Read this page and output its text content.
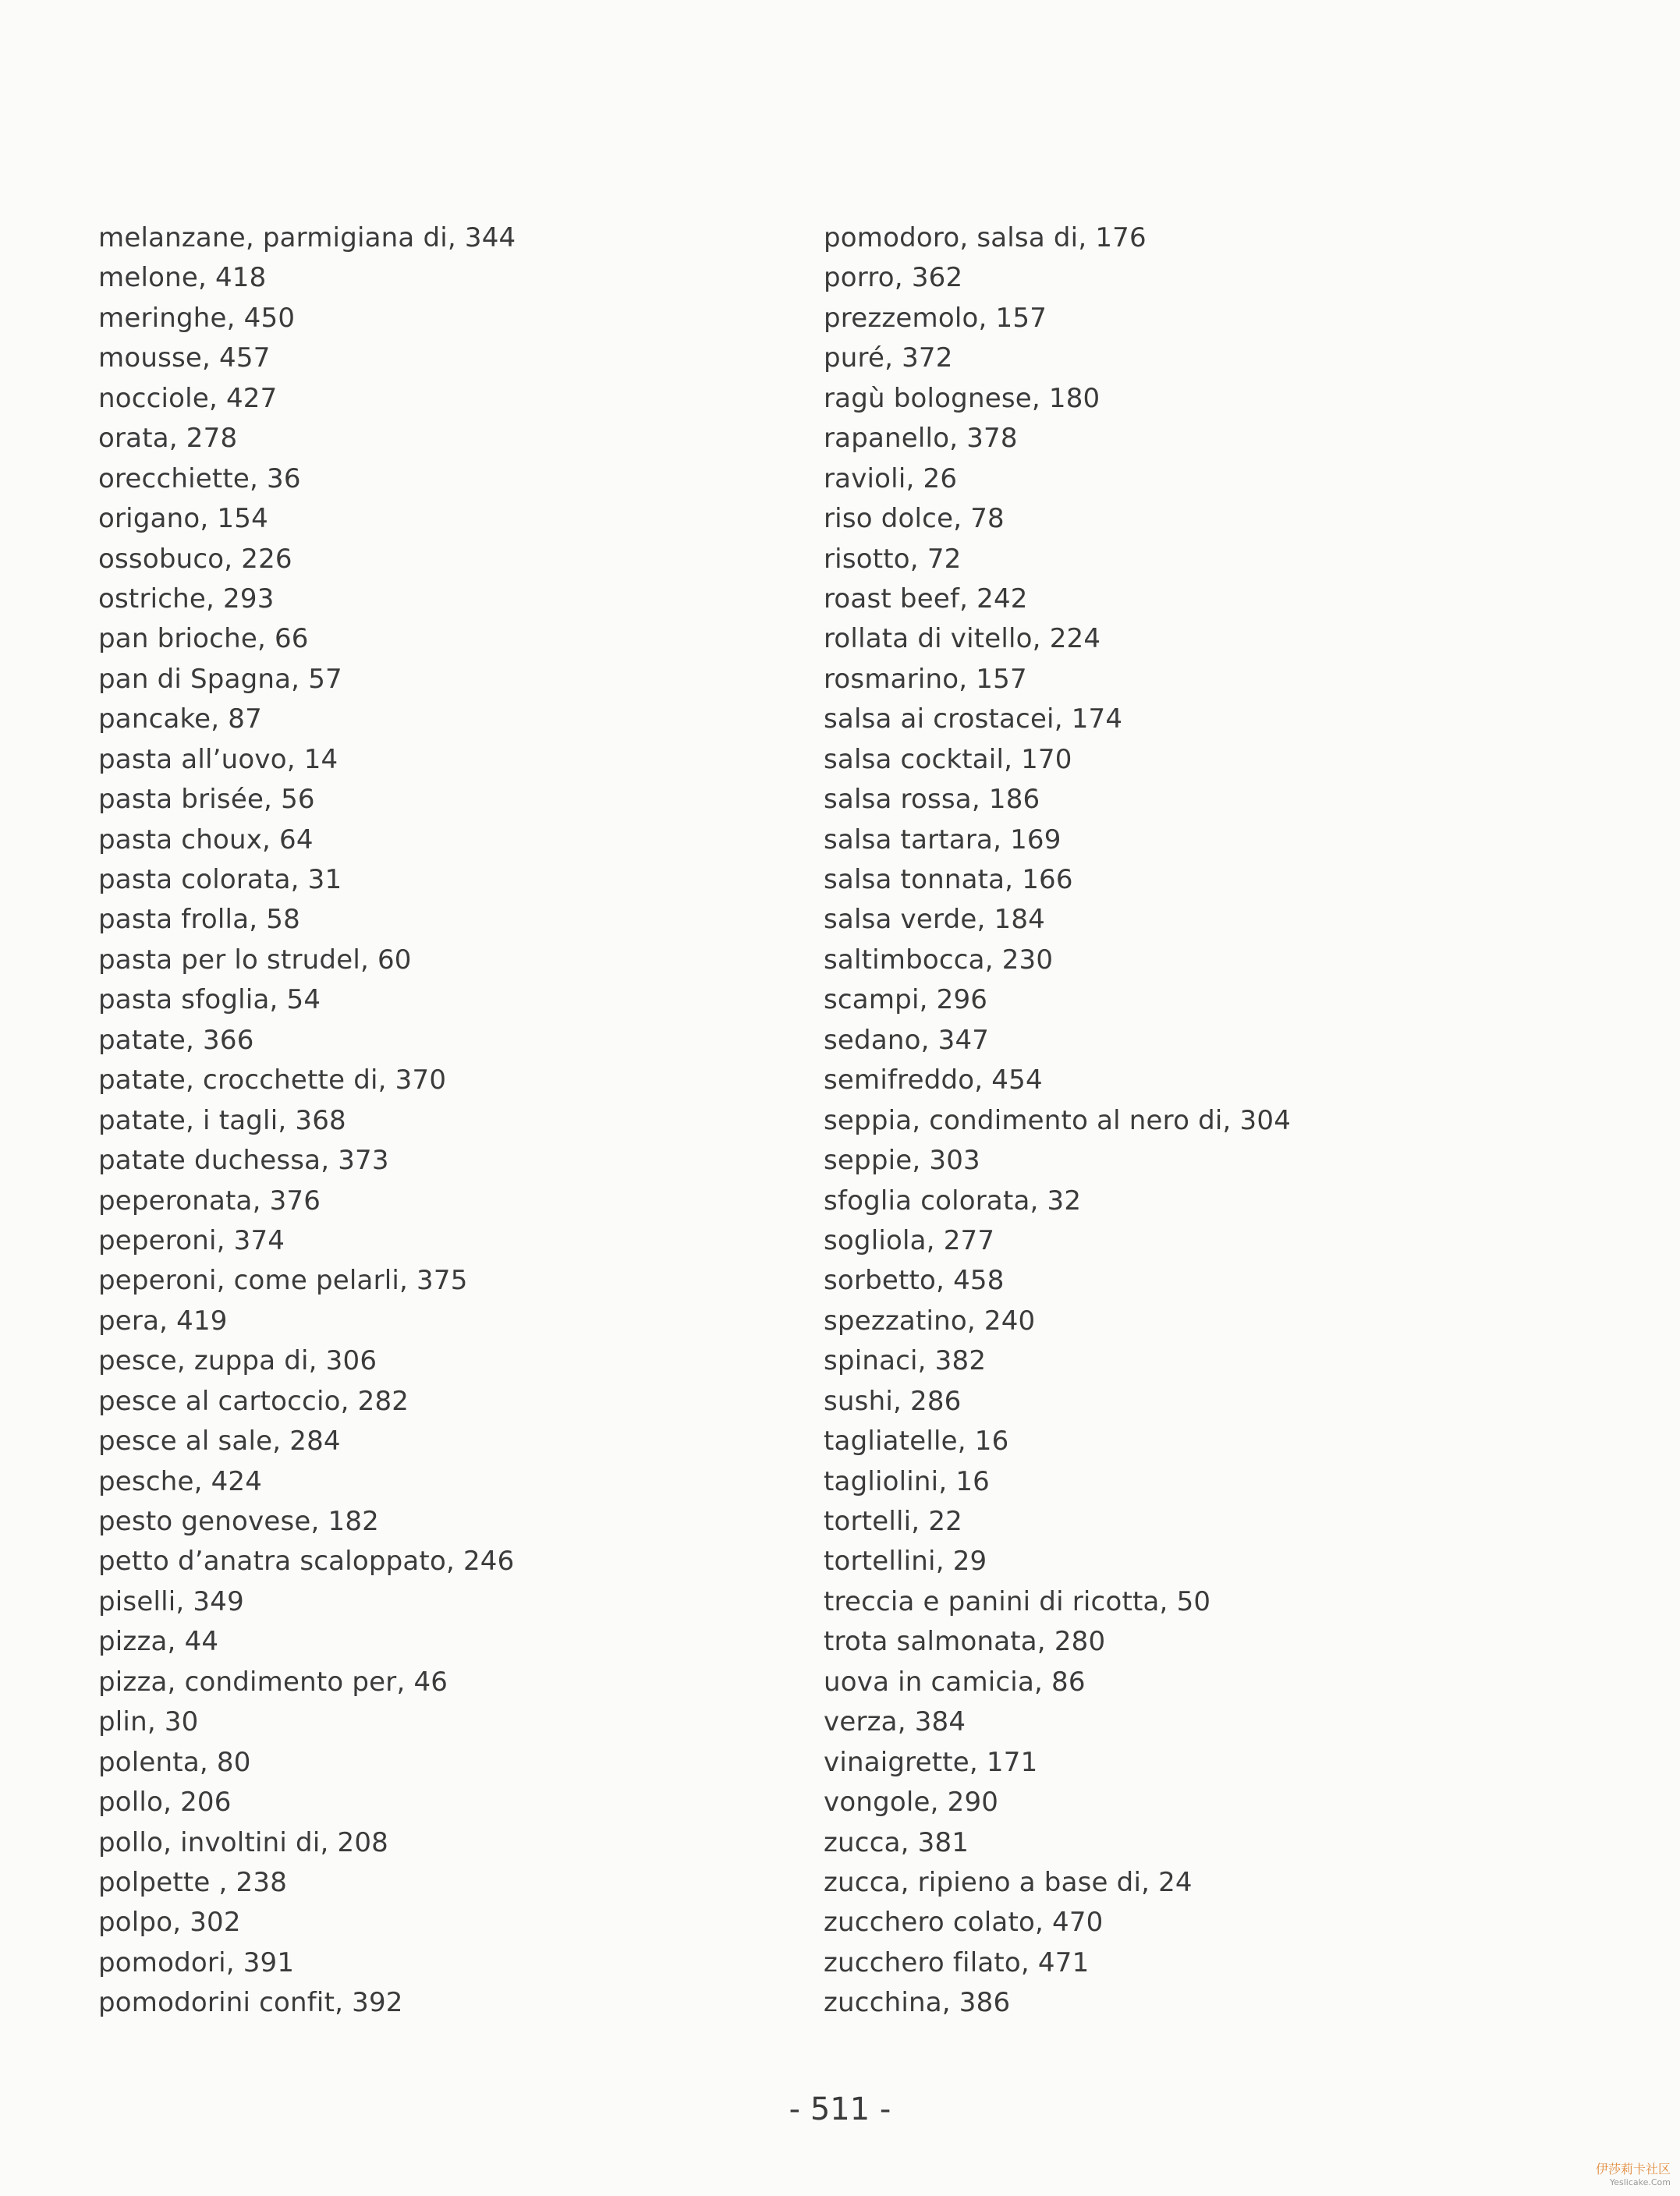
melanzane, parmigiana di, 344
melone, 418
meringhe, 450
mousse, 457
nocciole, 427
orata, 278
orecchiette, 36
origano, 154
ossobuco, 226
ostriche, 293
pan brioche, 66
pan di Spagna, 57
pancake, 87
pasta all’uovo, 14
pasta brisée, 56
pasta choux, 64
pasta colorata, 31
pasta frolla, 58
pasta per lo strudel, 60
pasta sfoglia, 54
patate, 366
patate, crocchette di, 370
patate, i tagli, 368
patate duchessa, 373
peperonata, 376
peperoni, 374
peperoni, come pelarli, 375
pera, 419
pesce, zuppa di, 306
pesce al cartoccio, 282
pesce al sale, 284
pesche, 424
pesto genovese, 182
petto d’anatra scaloppato, 246
piselli, 349
pizza, 44
pizza, condimento per, 46
plin, 30
polenta, 80
pollo, 206
pollo, involtini di, 208
polpette , 238
polpo, 302
pomodori, 391
pomodorini confit, 392
pomodoro, salsa di, 176
porro, 362
prezzemolo, 157
puré, 372
ragù bolognese, 180
rapanello, 378
ravioli, 26
riso dolce, 78
risotto, 72
roast beef, 242
rollata di vitello, 224
rosmarino, 157
salsa ai crostacei, 174
salsa cocktail, 170
salsa rossa, 186
salsa tartara, 169
salsa tonnata, 166
salsa verde, 184
saltimbocca, 230
scampi, 296
sedano, 347
semifreddo, 454
seppia, condimento al nero di, 304
seppie, 303
sfoglia colorata, 32
sogliola, 277
sorbetto, 458
spezzatino, 240
spinaci, 382
sushi, 286
tagliatelle, 16
tagliolini, 16
tortelli, 22
tortellini, 29
treccia e panini di ricotta, 50
trota salmonata, 280
uova in camicia, 86
verza, 384
vinaigrette, 171
vongole, 290
zucca, 381
zucca, ripieno a base di, 24
zucchero colato, 470
zucchero filato, 471
zucchina, 386
- 511 -
伊莎莉卡社区
Yeslicake.Com
